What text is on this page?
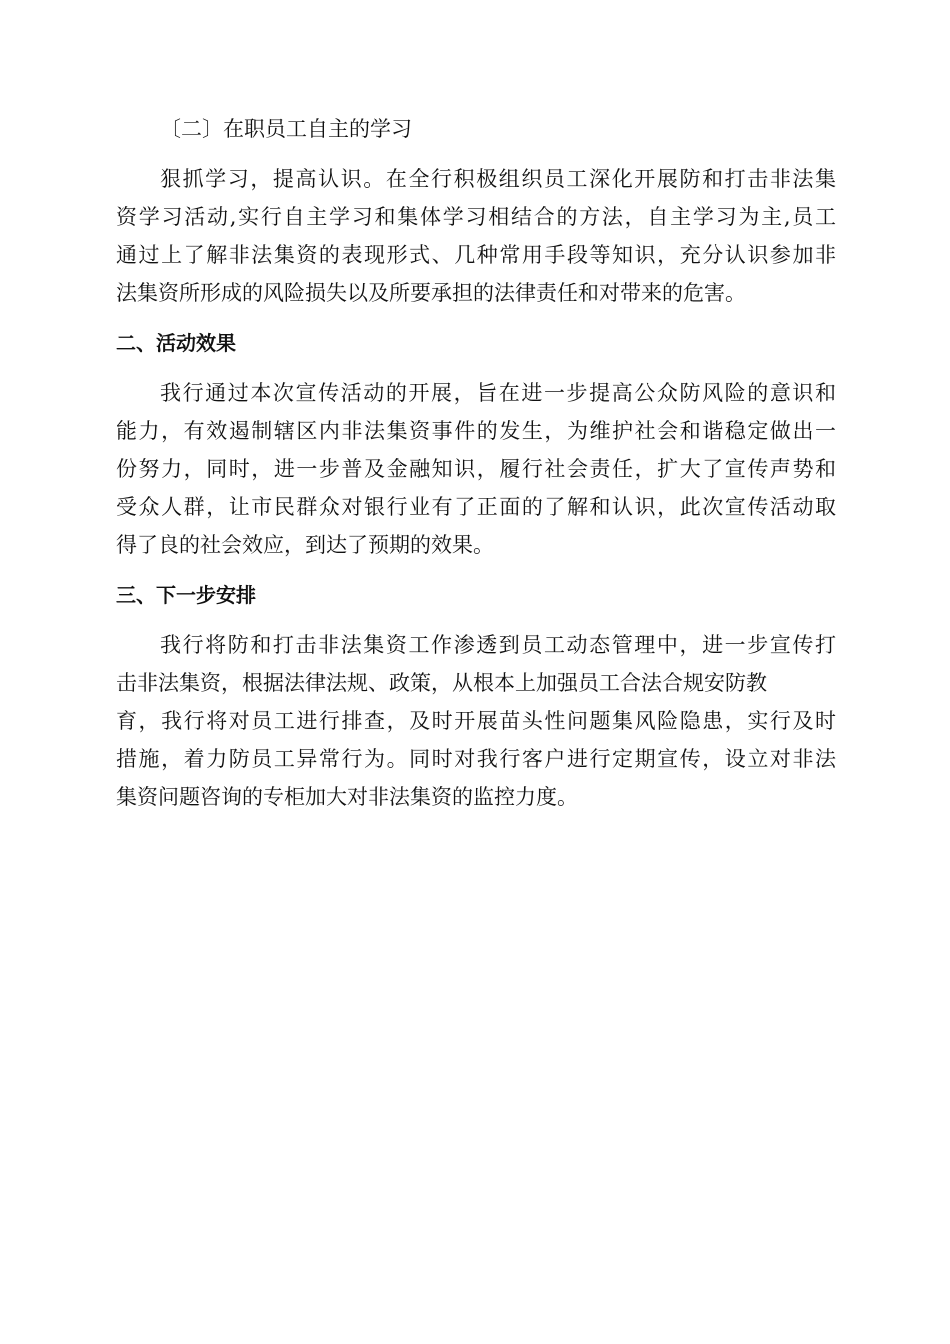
〔二〕在职员工自主的学习
狠抓学习，提高认识。在全行积极组织员工深化开展防和打击非法集
资学习活动,实行自主学习和集体学习相结合的方法，自主学习为主,员工
通过上了解非法集资的表现形式、几种常用手段等知识，充分认识参加非
法集资所形成的风险损失以及所要承担的法律责任和对带来的危害。
二、活动效果
我行通过本次宣传活动的开展，旨在进一步提高公众防风险的意识和
能力，有效遏制辖区内非法集资事件的发生，为维护社会和谐稳定做出一
份努力，同时，进一步普及金融知识，履行社会责任，扩大了宣传声势和
受众人群，让市民群众对银行业有了正面的了解和认识，此次宣传活动取
得了良的社会效应，到达了预期的效果。
三、下一步安排
我行将防和打击非法集资工作渗透到员工动态管理中，进一步宣传打
击非法集资，根据法律法规、政策，从根本上加强员工合法合规安防教
育，我行将对员工进行排查，及时开展苗头性问题集风险隐患，实行及时
措施，着力防员工异常行为。同时对我行客户进行定期宣传，设立对非法
集资问题咨询的专柜加大对非法集资的监控力度。
